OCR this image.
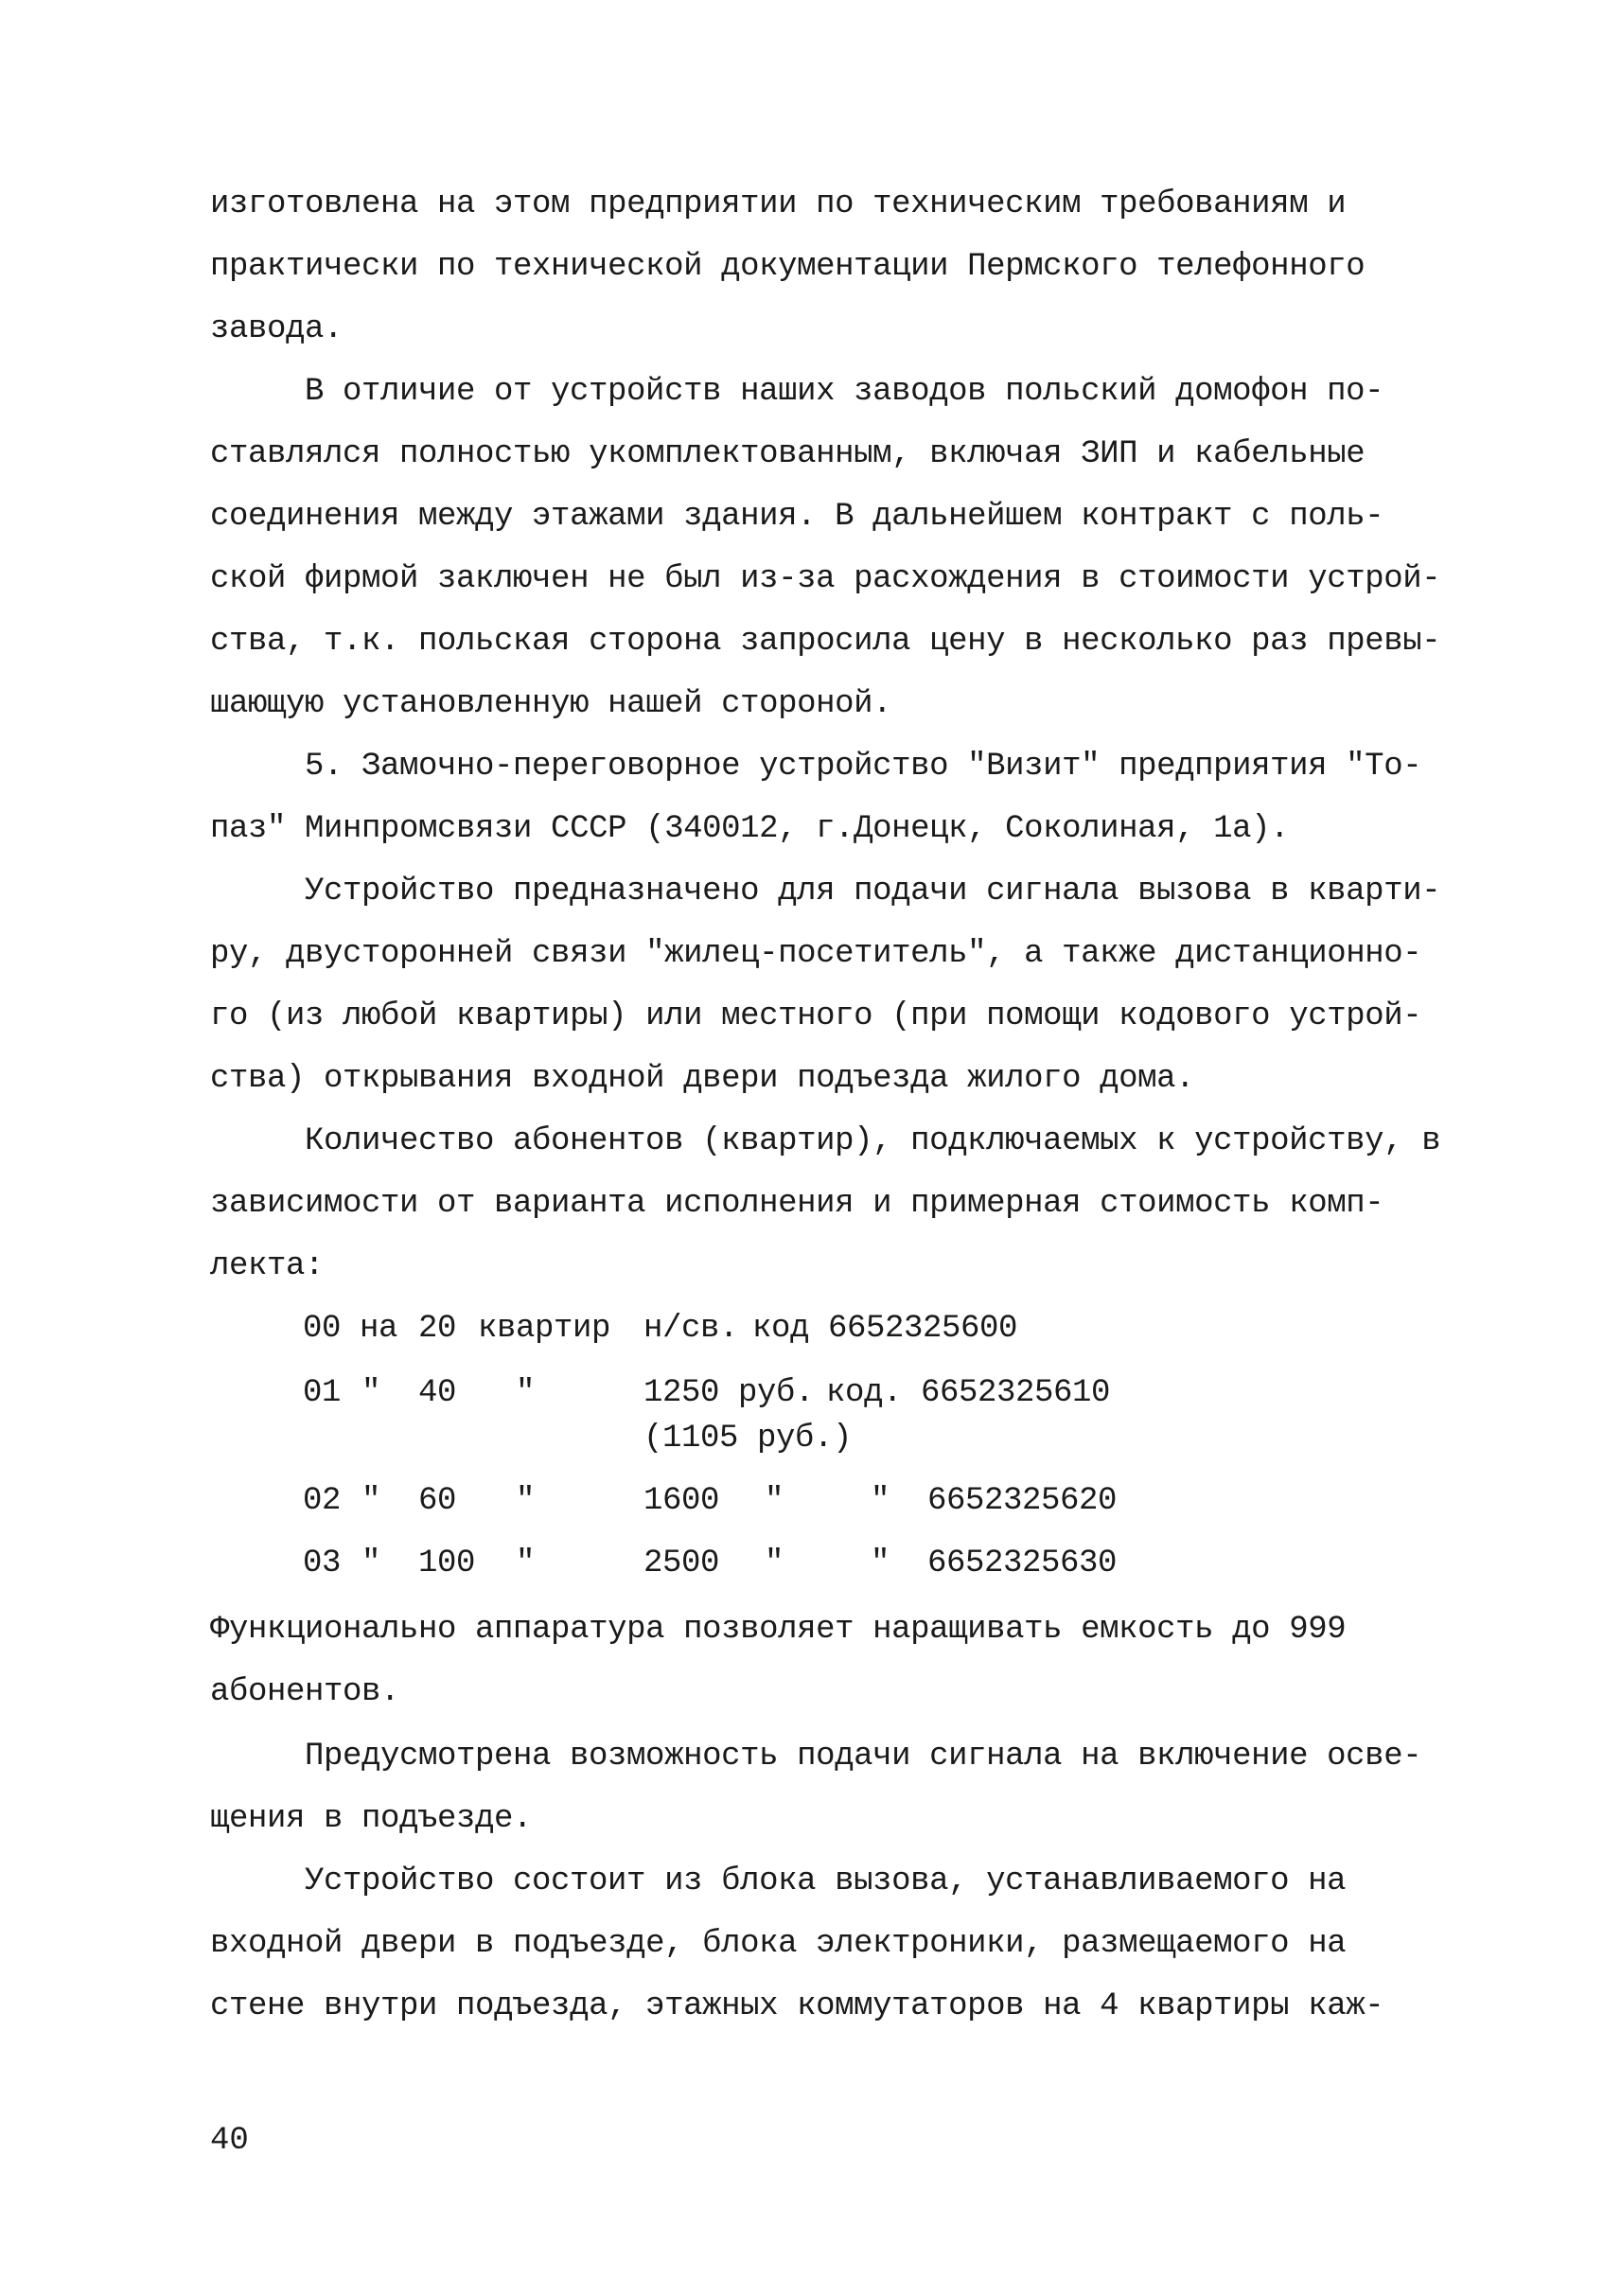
изготовлена на этом предприятии по техническим требованиям и

практически по технической документации Пермского телефонного

завода.

В отличие от устройств наших заводов польский домофон по-

ставлялся полностью укомплектованным, включая ЗИП и кабельные

соединения между этажами здания. В дальнейшем контракт с поль-

ской фирмой заключен не был из-за расхождения в стоимости устрой-

ства, т.к. польская сторона запросила цену в несколько раз превы-

шающую установленную нашей стороной.

5. Замочно-переговорное устройство "Визит" предприятия "То-

паз" Минпромсвязи СССР (340012, г.Донецк, Соколиная, 1а).

Устройство предназначено для подачи сигнала вызова в кварти-

ру, двусторонней связи "жилец-посетитель", а также дистанционно-

го (из любой квартиры) или местного (при помощи кодового устрой-

ства) открывания входной двери подъезда жилого дома.

Количество абонентов (квартир), подключаемых к устройству, в

зависимости от варианта исполнения и примерная стоимость комп-

лекта:

00 на 20 квартир н/св. код 6652325600
01 " 40 "	1250 руб. код. 6652325610
(1105 руб.)
02 " 60 "	1600 "	" 6652325620
03 " 100 "	2500 "	" 6652325630

Функционально аппаратура позволяет наращивать емкость до 999

абонентов.

Предусмотрена возможность подачи сигнала на включение осве-

щения в подъезде.

Устройство состоит из блока вызова, устанавливаемого на

входной двери в подъезде, блока электроники, размещаемого на

стене внутри подъезда, этажных коммутаторов на 4 квартиры каж-

40
